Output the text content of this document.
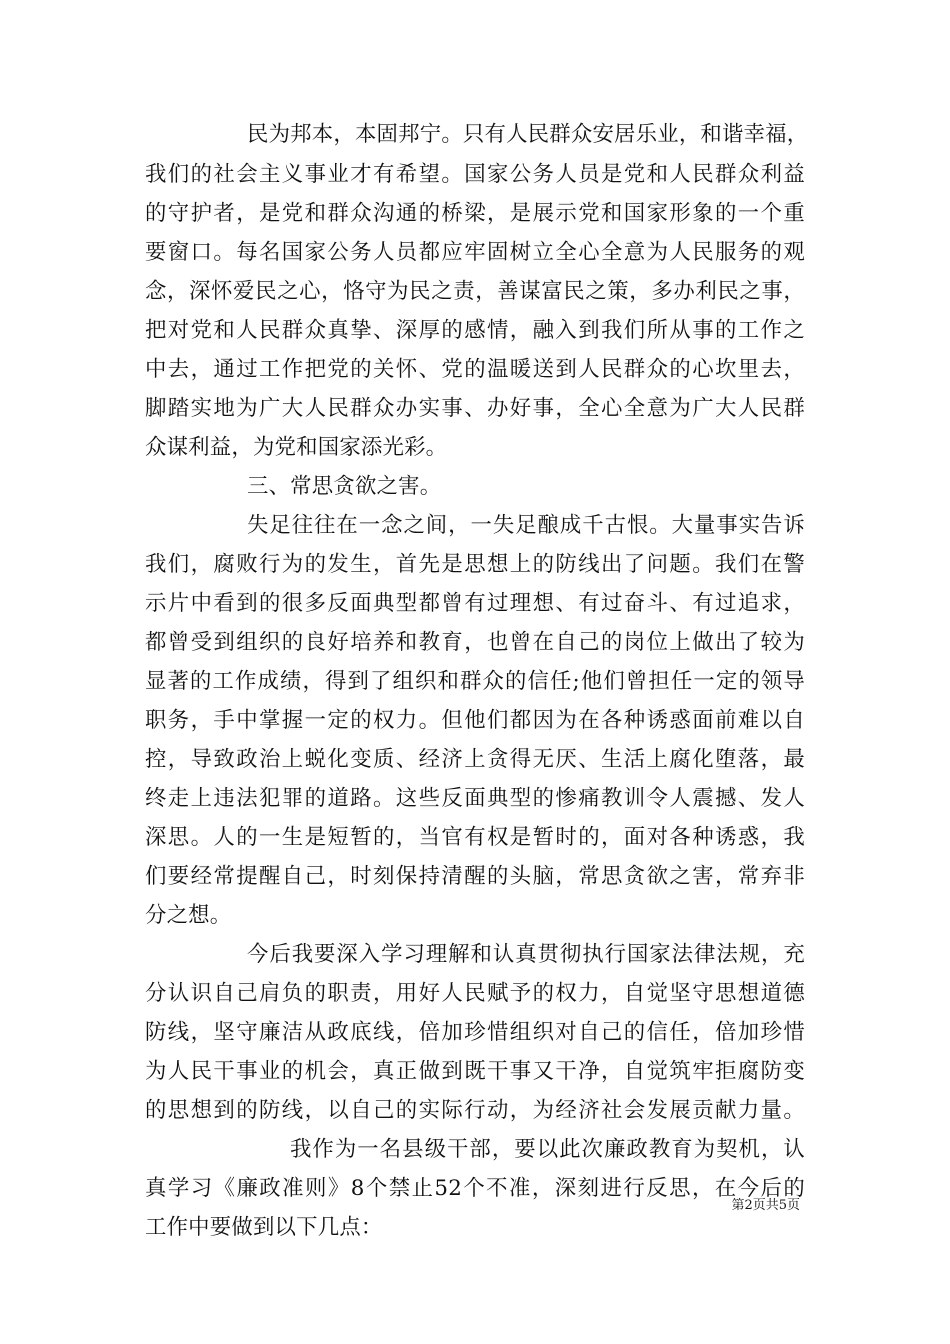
民为邦本，本固邦宁。只有人民群众安居乐业，和谐幸福，
我们的社会主义事业才有希望。国家公务人员是党和人民群众利益
的守护者，是党和群众沟通的桥梁，是展示党和国家形象的一个重
要窗口。每名国家公务人员都应牢固树立全心全意为人民服务的观
念，深怀爱民之心，恪守为民之责，善谋富民之策，多办利民之事，
把对党和人民群众真挚、深厚的感情，融入到我们所从事的工作之
中去，通过工作把党的关怀、党的温暖送到人民群众的心坎里去，
脚踏实地为广大人民群众办实事、办好事，全心全意为广大人民群
众谋利益，为党和国家添光彩。
三、常思贪欲之害。
失足往往在一念之间，一失足酿成千古恨。大量事实告诉
我们，腐败行为的发生，首先是思想上的防线出了问题。我们在警
示片中看到的很多反面典型都曾有过理想、有过奋斗、有过追求，
都曾受到组织的良好培养和教育，也曾在自己的岗位上做出了较为
显著的工作成绩，得到了组织和群众的信任;他们曾担任一定的领导
职务，手中掌握一定的权力。但他们都因为在各种诱惑面前难以自
控，导致政治上蜕化变质、经济上贪得无厌、生活上腐化堕落，最
终走上违法犯罪的道路。这些反面典型的惨痛教训令人震撼、发人
深思。人的一生是短暂的，当官有权是暂时的，面对各种诱惑，我
们要经常提醒自己，时刻保持清醒的头脑，常思贪欲之害，常弃非
分之想。
今后我要深入学习理解和认真贯彻执行国家法律法规，充
分认识自己肩负的职责，用好人民赋予的权力，自觉坚守思想道德
防线，坚守廉洁从政底线，倍加珍惜组织对自己的信任，倍加珍惜
为人民干事业的机会，真正做到既干事又干净，自觉筑牢拒腐防变
的思想到的防线，以自己的实际行动，为经济社会发展贡献力量。
我作为一名县级干部，要以此次廉政教育为契机，认
真学习《廉政准则》8个禁止52个不准，深刻进行反思，在今后的
工作中要做到以下几点：
第2页共5页
